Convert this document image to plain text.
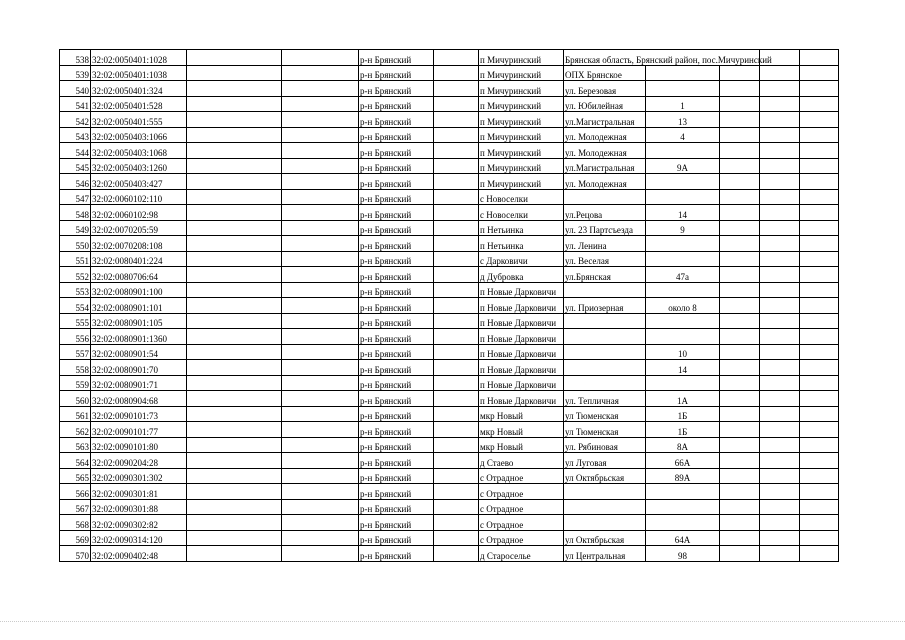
538	32:02:0050401:1028			р-н Брянский		п Мичуринский	Брянская область, Брянский район, пос.Мичуринский				
539	32:02:0050401:1038			р-н Брянский		п Мичуринский	ОПХ Брянское				
540	32:02:0050401:324			р-н Брянский		п Мичуринский	ул. Березовая				
541	32:02:0050401:528			р-н Брянский		п Мичуринский	ул. Юбилейная	1			
542	32:02:0050401:555			р-н Брянский		п Мичуринский	ул.Магистральная	13			
543	32:02:0050403:1066			р-н Брянский		п Мичуринский	ул. Молодежная	4			
544	32:02:0050403:1068			р-н Брянский		п Мичуринский	ул. Молодежная				
545	32:02:0050403:1260			р-н Брянский		п Мичуринский	ул.Магистральная	9А			
546	32:02:0050403:427			р-н Брянский		п Мичуринский	ул. Молодежная				
547	32:02:0060102:110			р-н Брянский		с Новоселки					
548	32:02:0060102:98			р-н Брянский		с Новоселки	ул.Рецова	14			
549	32:02:0070205:59			р-н Брянский		п Нетьинка	ул. 23 Партсъезда	9			
550	32:02:0070208:108			р-н Брянский		п Нетьинка	ул. Ленина				
551	32:02:0080401:224			р-н Брянский		с Дарковичи	ул. Веселая				
552	32:02:0080706:64			р-н Брянский		д Дубровка	ул.Брянская	47а			
553	32:02:0080901:100			р-н Брянский		п Новые Дарковичи					
554	32:02:0080901:101			р-н Брянский		п Новые Дарковичи	ул. Приозерная	около 8			
555	32:02:0080901:105			р-н Брянский		п Новые Дарковичи					
556	32:02:0080901:1360			р-н Брянский		п Новые Дарковичи					
557	32:02:0080901:54			р-н Брянский		п Новые Дарковичи		10			
558	32:02:0080901:70			р-н Брянский		п Новые Дарковичи		14			
559	32:02:0080901:71			р-н Брянский		п Новые Дарковичи					
560	32:02:0080904:68			р-н Брянский		п Новые Дарковичи	ул. Тепличная	1А			
561	32:02:0090101:73			р-н Брянский		мкр Новый	ул Тюменская	1Б			
562	32:02:0090101:77			р-н Брянский		мкр Новый	ул Тюменская	1Б			
563	32:02:0090101:80			р-н Брянский		мкр Новый	ул. Рябиновая	8А			
564	32:02:0090204:28			р-н Брянский		д Стаево	ул Луговая	66А			
565	32:02:0090301:302			р-н Брянский		с Отрадное	ул Октябрьская	89А			
566	32:02:0090301:81			р-н Брянский		с Отрадное					
567	32:02:0090301:88			р-н Брянский		с Отрадное					
568	32:02:0090302:82			р-н Брянский		с Отрадное					
569	32:02:0090314:120			р-н Брянский		с Отрадное	ул Октябрьская	64А			
570	32:02:0090402:48			р-н Брянский		д Староселье	ул Центральная	98			
